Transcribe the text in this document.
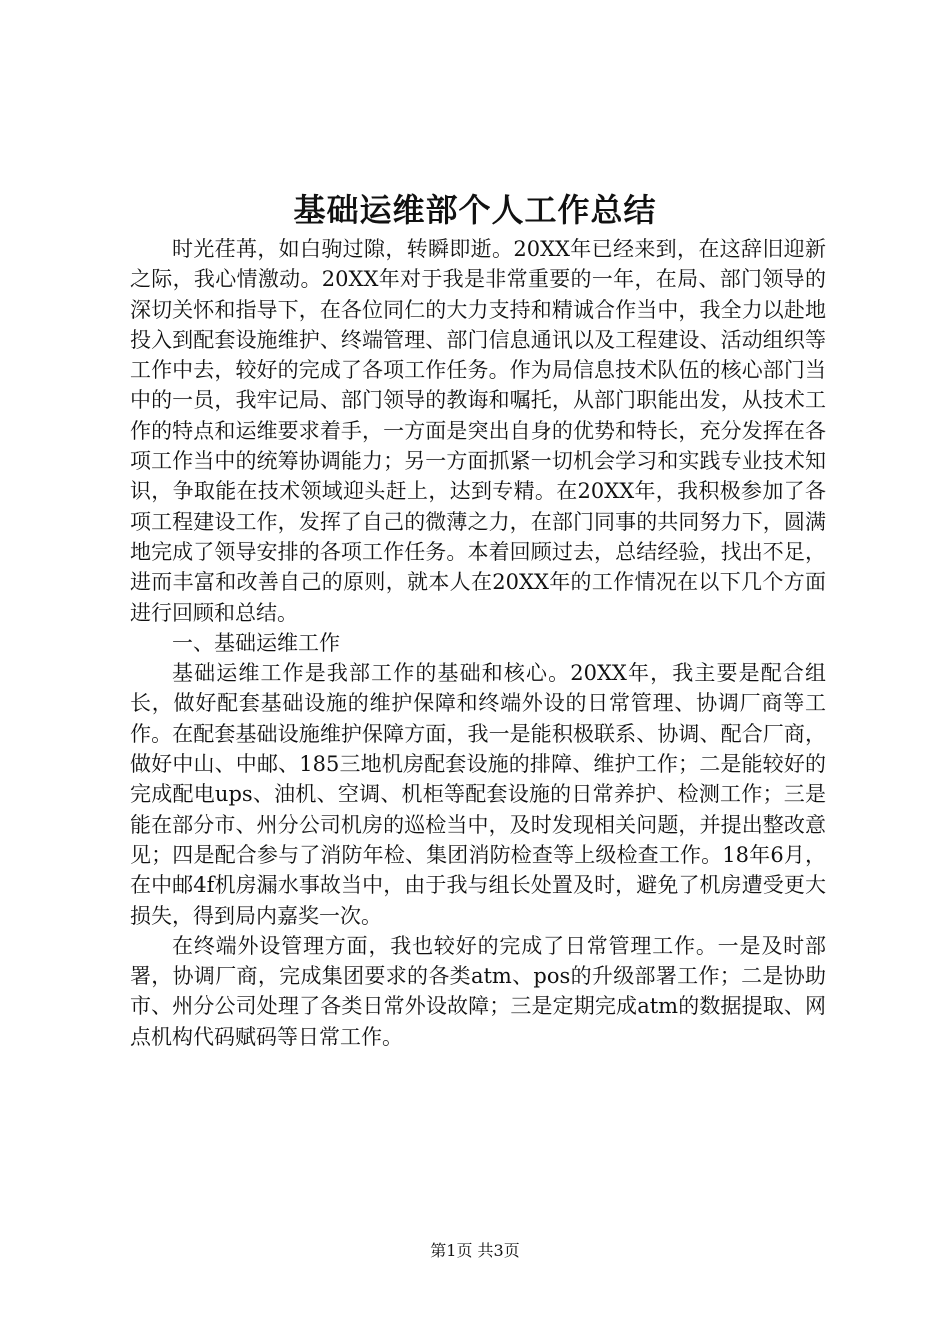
基础运维部个人工作总结

时光荏苒，如白驹过隙，转瞬即逝。20XX年已经来到，在这辞旧迎新之际，我心情激动。20XX年对于我是非常重要的一年，在局、部门领导的深切关怀和指导下，在各位同仁的大力支持和精诚合作当中，我全力以赴地投入到配套设施维护、终端管理、部门信息通讯以及工程建设、活动组织等工作中去，较好的完成了各项工作任务。作为局信息技术队伍的核心部门当中的一员，我牢记局、部门领导的教诲和嘱托，从部门职能出发，从技术工作的特点和运维要求着手，一方面是突出自身的优势和特长，充分发挥在各项工作当中的统筹协调能力；另一方面抓紧一切机会学习和实践专业技术知识，争取能在技术领域迎头赶上，达到专精。在20XX年，我积极参加了各项工程建设工作，发挥了自己的微薄之力，在部门同事的共同努力下，圆满地完成了领导安排的各项工作任务。本着回顾过去，总结经验，找出不足，进而丰富和改善自己的原则，就本人在20XX年的工作情况在以下几个方面进行回顾和总结。

一、基础运维工作

基础运维工作是我部工作的基础和核心。20XX年，我主要是配合组长，做好配套基础设施的维护保障和终端外设的日常管理、协调厂商等工作。在配套基础设施维护保障方面，我一是能积极联系、协调、配合厂商，做好中山、中邮、185三地机房配套设施的排障、维护工作；二是能较好的完成配电ups、油机、空调、机柜等配套设施的日常养护、检测工作；三是能在部分市、州分公司机房的巡检当中，及时发现相关问题，并提出整改意见；四是配合参与了消防年检、集团消防检查等上级检查工作。18年6月，在中邮4f机房漏水事故当中，由于我与组长处置及时，避免了机房遭受更大损失，得到局内嘉奖一次。

在终端外设管理方面，我也较好的完成了日常管理工作。一是及时部署，协调厂商，完成集团要求的各类atm、pos的升级部署工作；二是协助市、州分公司处理了各类日常外设故障；三是定期完成atm的数据提取、网点机构代码赋码等日常工作。

第1页 共3页
